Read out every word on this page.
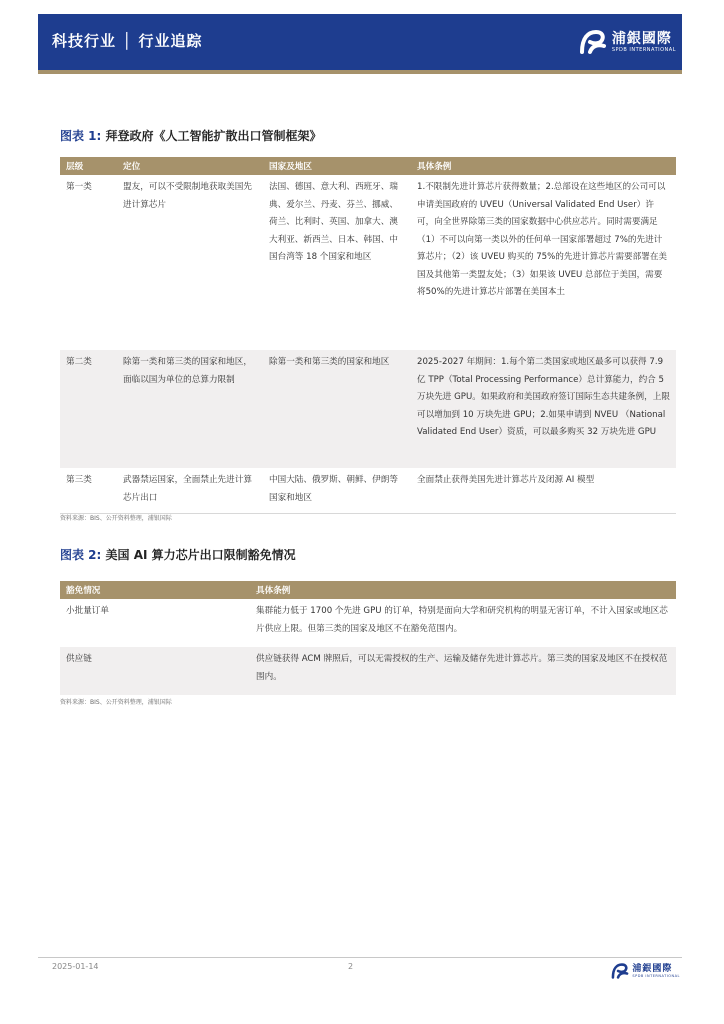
科技行业 │ 行业追踪	浦銀國際
SPDB INTERNATIONAL
图表 1: 拜登政府《人工智能扩散出口管制框架》
层级	定位	国家及地区	具体条例
第一类	盟友，可以不受限制地获取美国先进计算芯片	法国、德国、意大利、西班牙、瑞典、爱尔兰、丹麦、芬兰、挪威、荷兰、比利时、英国、加拿大、澳大利亚、新西兰、日本、韩国、中国台湾等 18 个国家和地区	1.不限制先进计算芯片获得数量；2.总部设在这些地区的公司可以申请美国政府的 UVEU（Universal Validated End User）许可，向全世界除第三类的国家数据中心供应芯片。同时需要满足（1）不可以向第一类以外的任何单一国家部署超过 7%的先进计算芯片；（2）该 UVEU 购买的 75%的先进计算芯片需要部署在美国及其他第一类盟友处；（3）如果该 UVEU 总部位于美国，需要将50%的先进计算芯片部署在美国本土
第二类	除第一类和第三类的国家和地区，面临以国为单位的总算力限制	除第一类和第三类的国家和地区	2025-2027 年期间：1.每个第二类国家或地区最多可以获得 7.9 亿 TPP（Total Processing Performance）总计算能力，约合 5 万块先进 GPU。如果政府和美国政府签订国际生态共建条例，上限可以增加到 10 万块先进 GPU；2.如果申请到 NVEU （National Validated End User）资质，可以最多购买 32 万块先进 GPU
第三类	武器禁运国家，全面禁止先进计算芯片出口	中国大陆、俄罗斯、朝鲜、伊朗等国家和地区	全面禁止获得美国先进计算芯片及闭源 AI 模型
资料来源：BIS、公开资料整理，浦银国际
图表 2: 美国 AI 算力芯片出口限制豁免情况
豁免情况	具体条例
小批量订单	集群能力低于 1700 个先进 GPU 的订单，特别是面向大学和研究机构的明显无害订单，不计入国家或地区芯片供应上限。但第三类的国家及地区不在豁免范围内。
供应链	供应链获得 ACM 牌照后，可以无需授权的生产、运输及储存先进计算芯片。第三类的国家及地区不在授权范围内。
资料来源：BIS、公开资料整理，浦银国际
2025-01-14	2	浦銀國際
SPDB INTERNATIONAL
